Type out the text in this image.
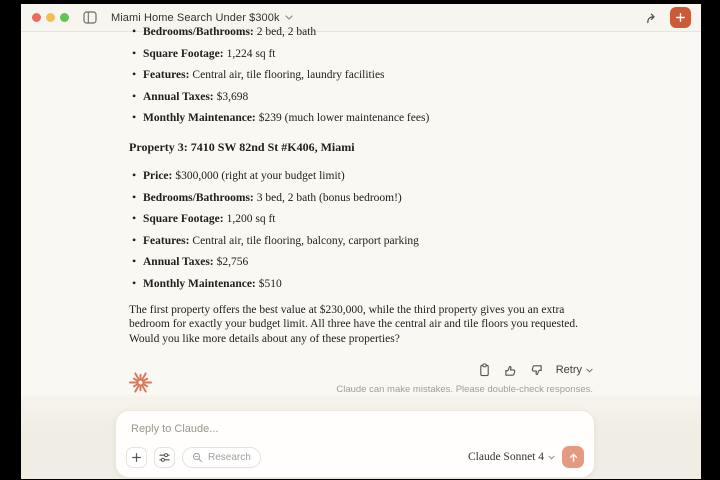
Miami Home Search Under $300k
• Bedrooms/Bathrooms: 2 bed, 2 bath
• Square Footage: 1,224 sq ft
• Features: Central air, tile flooring, laundry facilities
• Annual Taxes: $3,698
• Monthly Maintenance: $239 (much lower maintenance fees)
Property 3: 7410 SW 82nd St #K406, Miami
• Price: $300,000 (right at your budget limit)
• Bedrooms/Bathrooms: 3 bed, 2 bath (bonus bedroom!)
• Square Footage: 1,200 sq ft
• Features: Central air, tile flooring, balcony, carport parking
• Annual Taxes: $2,756
• Monthly Maintenance: $510

The first property offers the best value at $230,000, while the third property gives you an extra bedroom for exactly your budget limit. All three have the central air and tile floors you requested. Would you like more details about any of these properties?

Retry
Claude can make mistakes. Please double-check responses.
Reply to Claude...
Research	Claude Sonnet 4
